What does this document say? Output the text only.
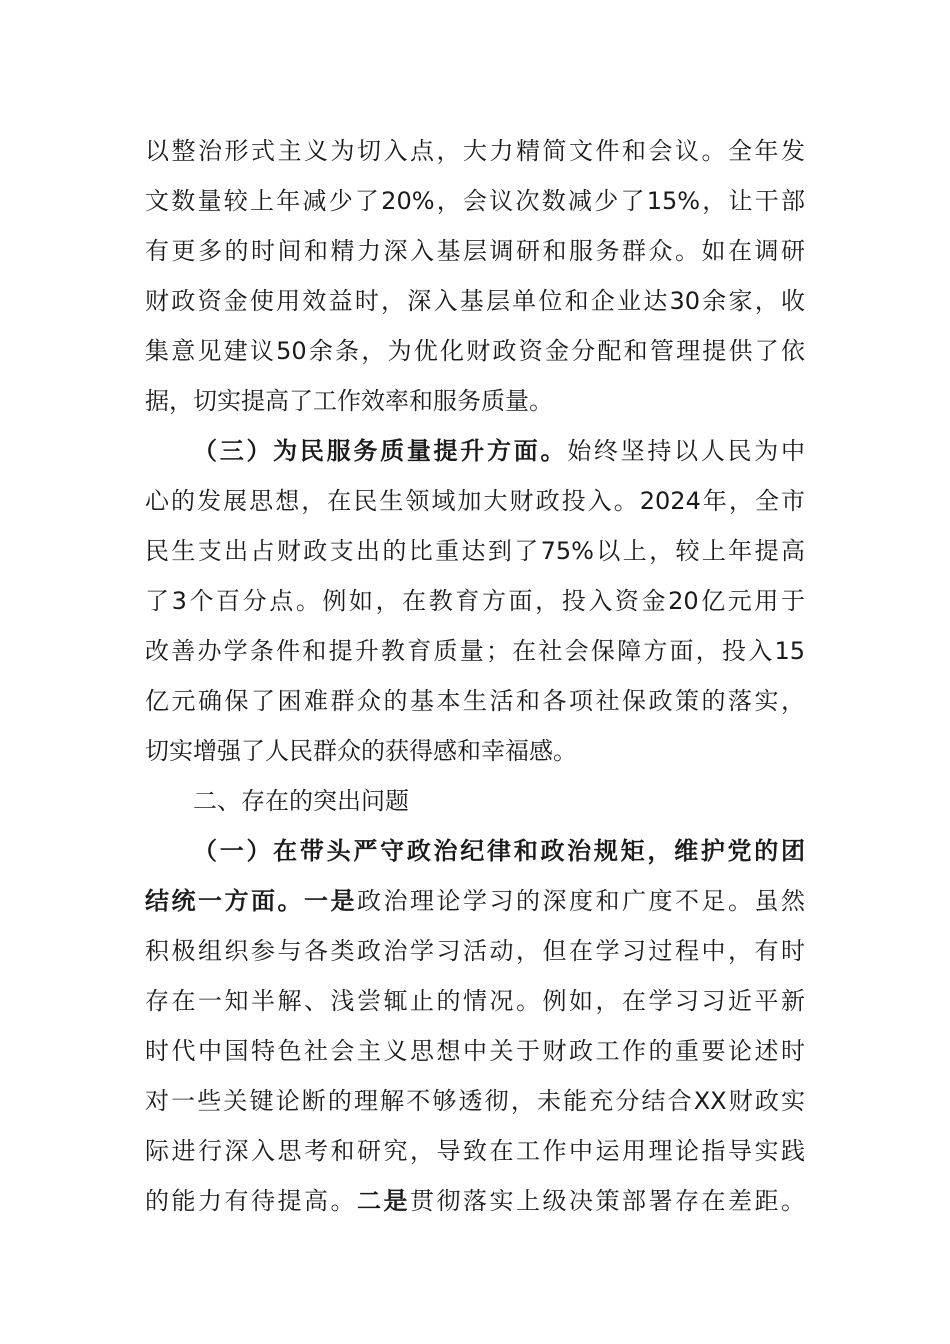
以整治形式主义为切入点，大力精简文件和会议。全年发
文数量较上年减少了20%，会议次数减少了15%，让干部
有更多的时间和精力深入基层调研和服务群众。如在调研
财政资金使用效益时，深入基层单位和企业达30余家，收
集意见建议50余条，为优化财政资金分配和管理提供了依
据，切实提高了工作效率和服务质量。
（三）为民服务质量提升方面。始终坚持以人民为中
心的发展思想，在民生领域加大财政投入。2024年，全市
民生支出占财政支出的比重达到了75%以上，较上年提高
了3个百分点。例如，在教育方面，投入资金20亿元用于
改善办学条件和提升教育质量；在社会保障方面，投入15
亿元确保了困难群众的基本生活和各项社保政策的落实，
切实增强了人民群众的获得感和幸福感。
二、存在的突出问题
（一）在带头严守政治纪律和政治规矩，维护党的团
结统一方面。一是政治理论学习的深度和广度不足。虽然
积极组织参与各类政治学习活动，但在学习过程中，有时
存在一知半解、浅尝辄止的情况。例如，在学习习近平新
时代中国特色社会主义思想中关于财政工作的重要论述时
对一些关键论断的理解不够透彻，未能充分结合XX财政实
际进行深入思考和研究，导致在工作中运用理论指导实践
的能力有待提高。二是贯彻落实上级决策部署存在差距。
